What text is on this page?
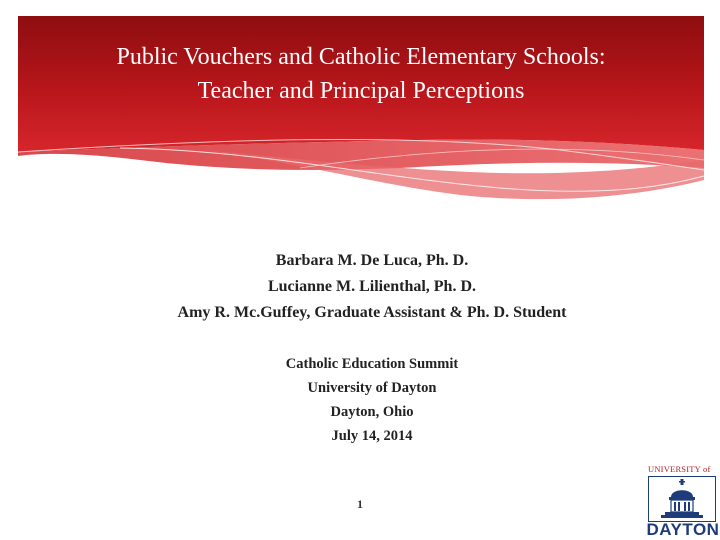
Public Vouchers and Catholic Elementary Schools:
Teacher and Principal Perceptions
Barbara M. De Luca, Ph. D.
Lucianne M. Lilienthal, Ph. D.
Amy R. Mc.Guffey, Graduate Assistant & Ph. D. Student
Catholic Education Summit
University of Dayton
Dayton, Ohio
July 14, 2014
1
UNIVERSITY of
DAYTON
